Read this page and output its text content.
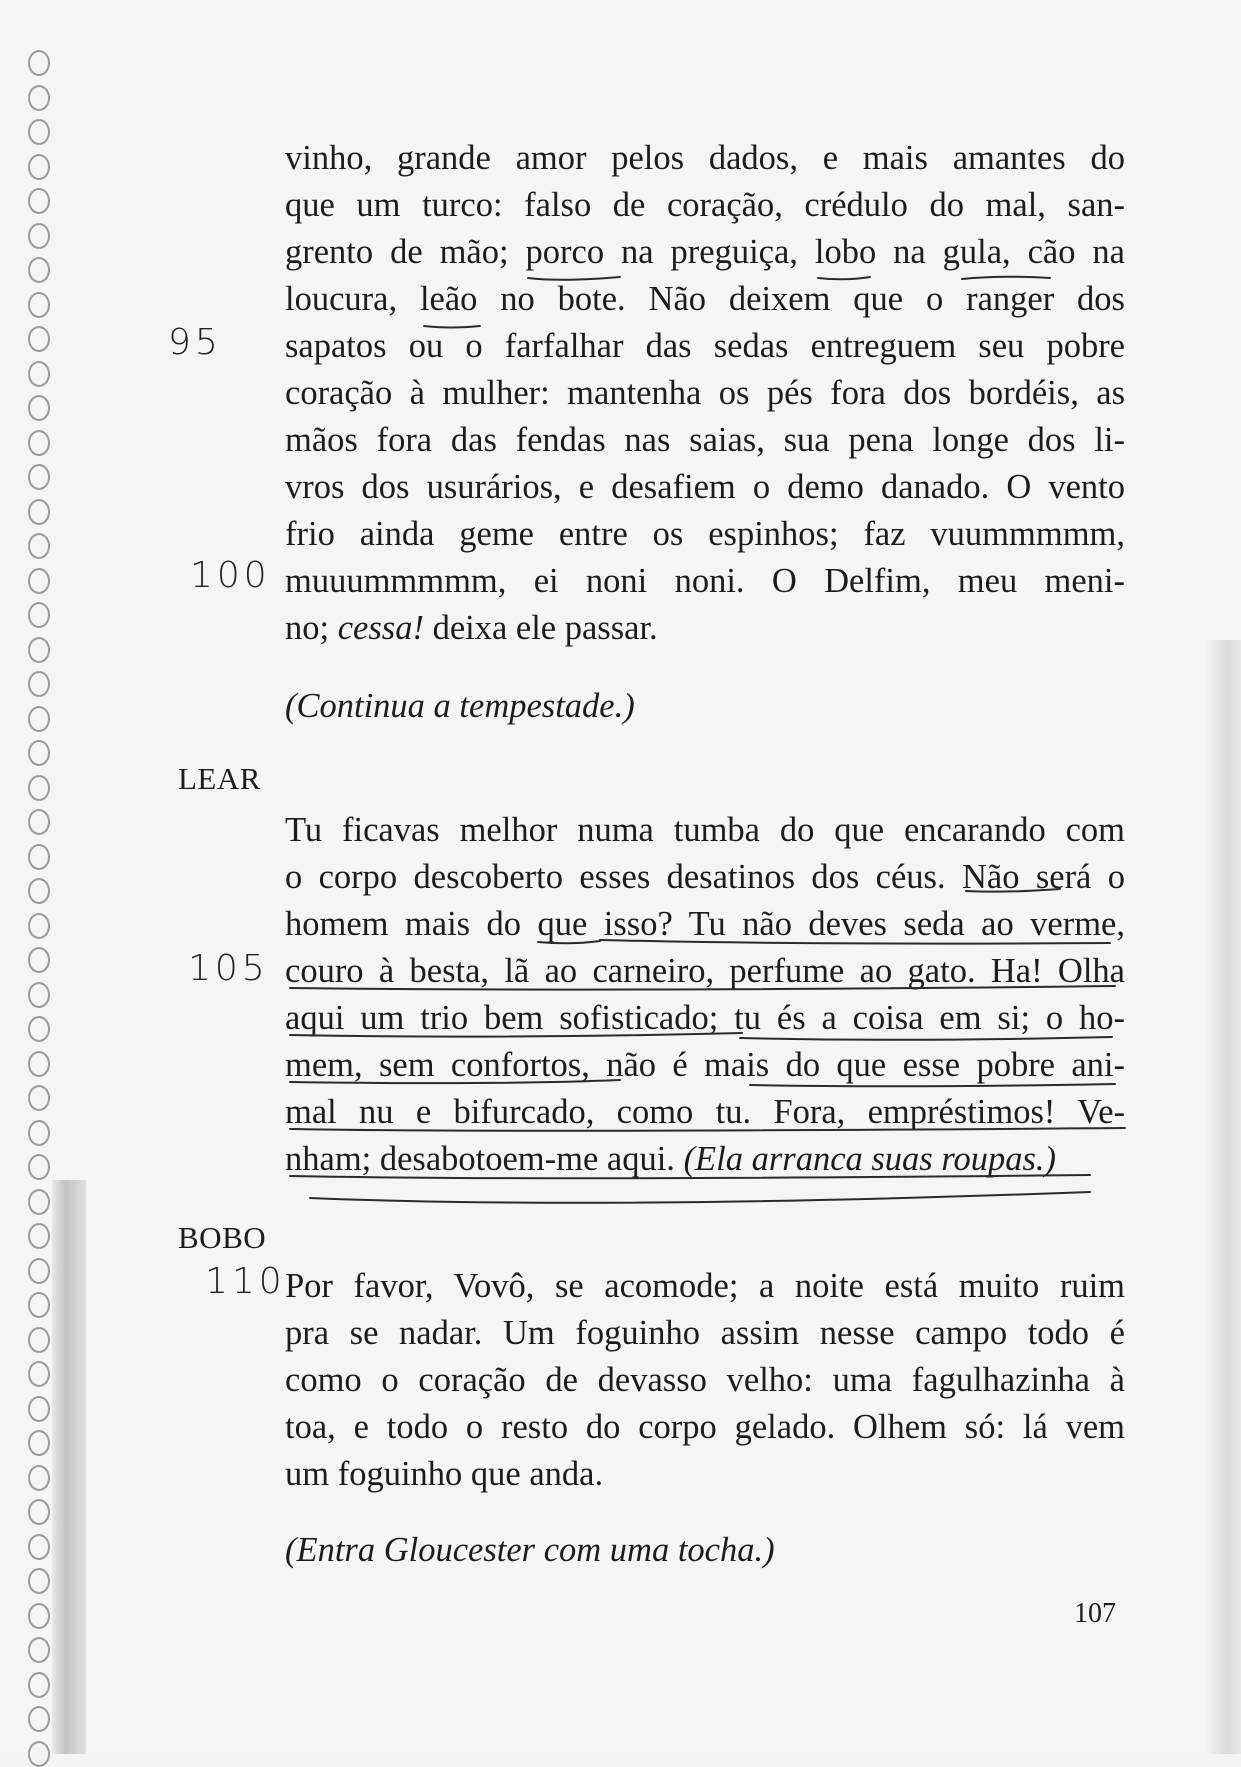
vinho, grande amor pelos dados, e mais amantes do
que um turco: falso de coração, crédulo do mal, san-
grento de mão; porco na preguiça, lobo na gula, cão na
loucura, leão no bote. Não deixem que o ranger dos
sapatos ou o farfalhar das sedas entreguem seu pobre
coração à mulher: mantenha os pés fora dos bordéis, as
mãos fora das fendas nas saias, sua pena longe dos li-
vros dos usurários, e desafiem o demo danado. O vento
frio ainda geme entre os espinhos; faz vuummmmm,
muuummmmm, ei noni noni. O Delfim, meu meni-
no; cessa! deixa ele passar.
(Continua a tempestade.)
LEAR
Tu ficavas melhor numa tumba do que encarando com
o corpo descoberto esses desatinos dos céus. Não será o
homem mais do que isso? Tu não deves seda ao verme,
couro à besta, lã ao carneiro, perfume ao gato. Ha! Olha
aqui um trio bem sofisticado; tu és a coisa em si; o ho-
mem, sem confortos, não é mais do que esse pobre ani-
mal nu e bifurcado, como tu. Fora, empréstimos! Ve-
nham; desabotoem-me aqui. (Ela arranca suas roupas.)
BOBO
Por favor, Vovô, se acomode; a noite está muito ruim
pra se nadar. Um foguinho assim nesse campo todo é
como o coração de devasso velho: uma fagulhazinha à
toa, e todo o resto do corpo gelado. Olhem só: lá vem
um foguinho que anda.
(Entra Gloucester com uma tocha.)
95
100
105
110
107
